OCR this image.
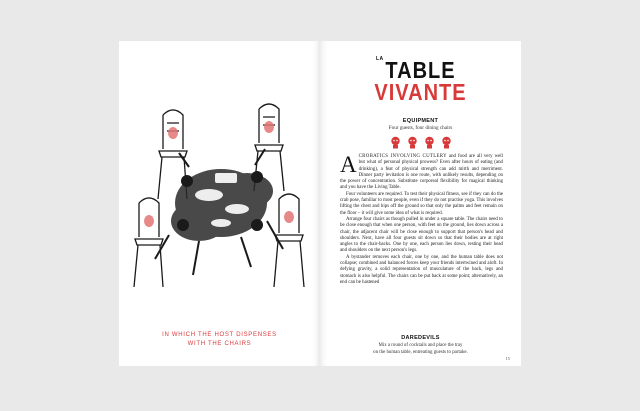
IN WHICH THE HOST DISPENSES
WITH THE CHAIRS
LA TABLE
VIVANTE
EQUIPMENT
Four guests, four dining chairs

ACROBATICS INVOLVING CUTLERY and food are all very well but what of personal physical prowess? Even after hours of eating (and drinking), a feat of physical strength can add mirth and merriment. Dinner party levitation is one route, with unlikely results, depending on the power of concentration. Substitute corporeal flexibility for magical thinking and you have the Living Table.

Four volunteers are required. To test their physical fitness, see if they can do the crab pose, familiar to most people, even if they do not practise yoga. This involves lifting the chest and hips off the ground so that only the palms and feet remain on the floor – it will give some idea of what is required.

Arrange four chairs as though pulled in under a square table. The chairs need to be close enough that when one person, with feet on the ground, lies down across a chair, the adjacent chair will be close enough to support that person's head and shoulders. Next, have all four guests sit down so that their bodies are at right angles to the chair-backs. One by one, each person lies down, resting their head and shoulders on the next person's legs.

A bystander removes each chair, one by one, and the human table does not collapse; combined and balanced forces keep your friends intertwined and aloft. In defying gravity, a solid representation of musculature of the back, legs and stomach is also helpful. The chairs can be put back at some point; alternatively, an end can be hastened

DAREDEVILS
Mix a round of cocktails and place the tray
on the human table, entreating guests to partake.
15
